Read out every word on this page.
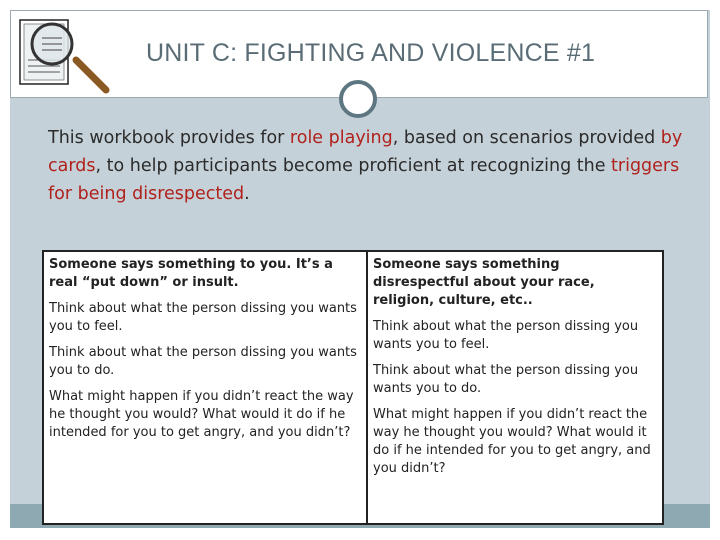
UNIT C: FIGHTING AND VIOLENCE #1

This workbook provides for role playing, based on scenarios provided by cards, to help participants become proficient at recognizing the triggers for being disrespected.

Someone says something to you. It’s a real “put down” or insult.

Think about what the person dissing you wants you to feel.

Think about what the person dissing you wants you to do.

What might happen if you didn’t react the way he thought you would? What would it do if he intended for you to get angry, and you didn’t?

Someone says something disrespectful about your race, religion, culture, etc..

Think about what the person dissing you wants you to feel.

Think about what the person dissing you wants you to do.

What might happen if you didn’t react the way he thought you would? What would it do if he intended for you to get angry, and you didn’t?
